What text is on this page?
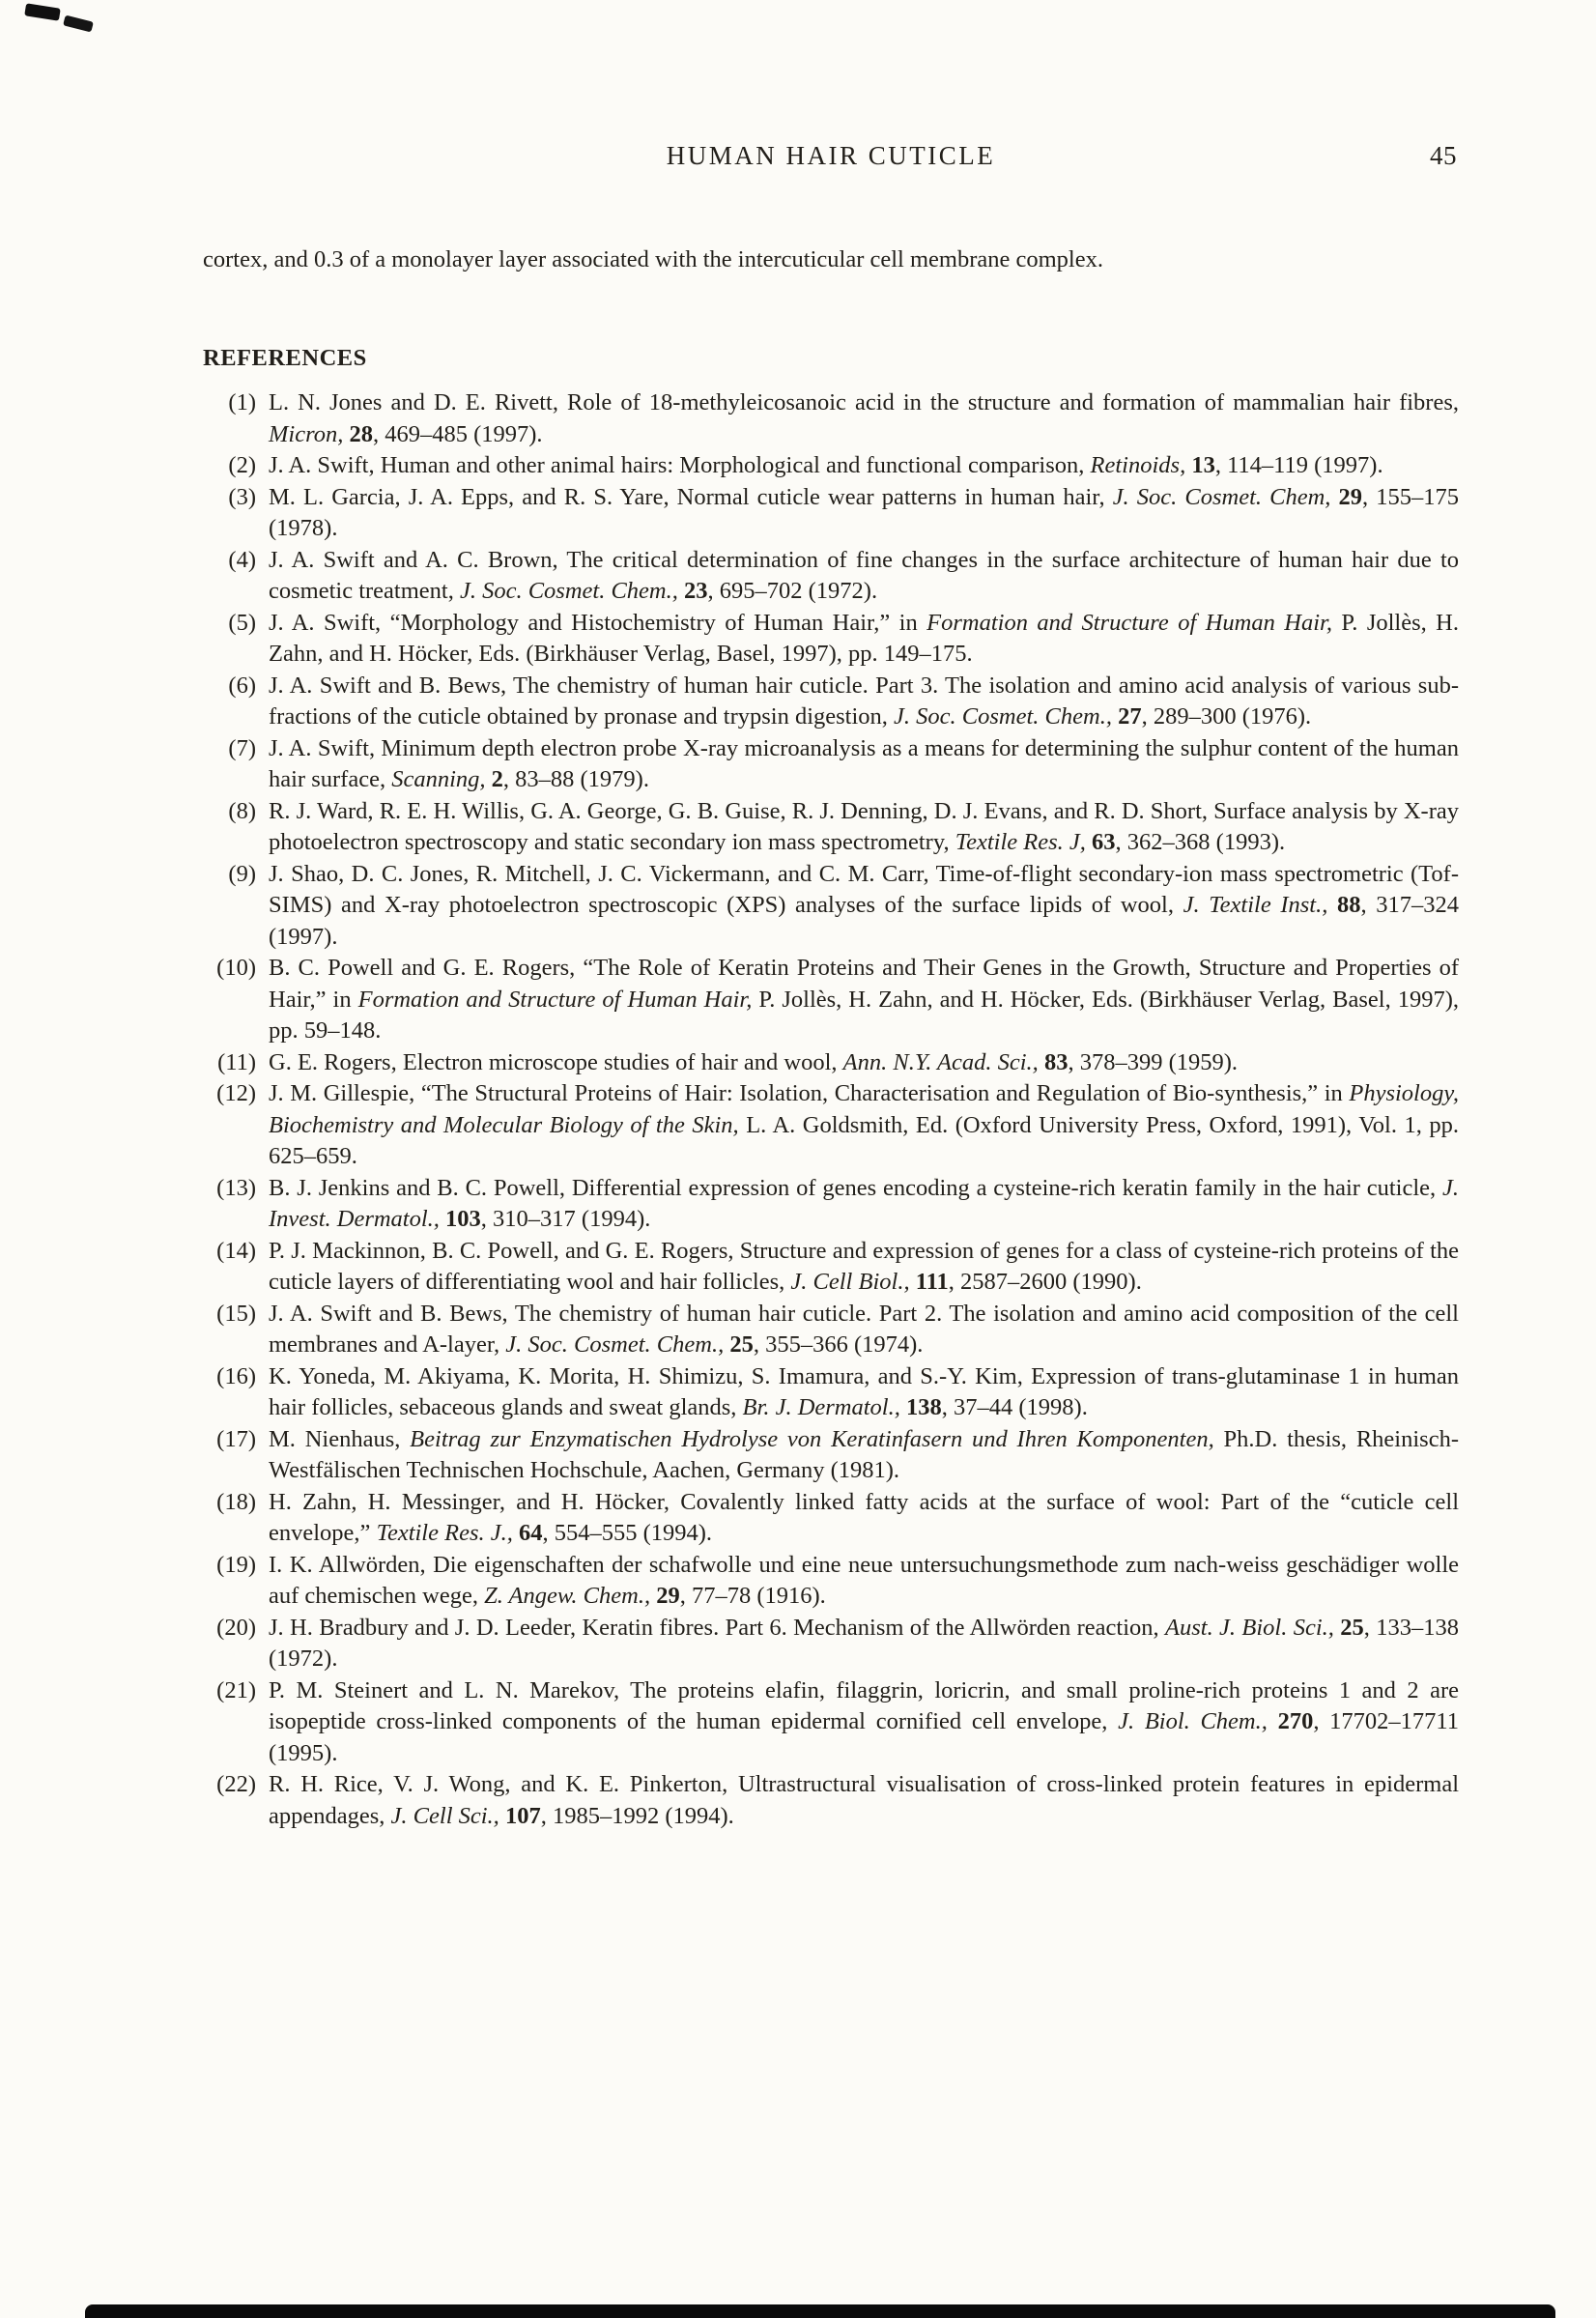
HUMAN HAIR CUTICLE	45

cortex, and 0.3 of a monolayer layer associated with the intercuticular cell membrane complex.

REFERENCES
(1) L. N. Jones and D. E. Rivett, Role of 18-methyleicosanoic acid in the structure and formation of mammalian hair fibres, Micron, 28, 469–485 (1997).
(2) J. A. Swift, Human and other animal hairs: Morphological and functional comparison, Retinoids, 13, 114–119 (1997).
(3) M. L. Garcia, J. A. Epps, and R. S. Yare, Normal cuticle wear patterns in human hair, J. Soc. Cosmet. Chem, 29, 155–175 (1978).
(4) J. A. Swift and A. C. Brown, The critical determination of fine changes in the surface architecture of human hair due to cosmetic treatment, J. Soc. Cosmet. Chem., 23, 695–702 (1972).
(5) J. A. Swift, “Morphology and Histochemistry of Human Hair,” in Formation and Structure of Human Hair, P. Jollès, H. Zahn, and H. Höcker, Eds. (Birkhäuser Verlag, Basel, 1997), pp. 149–175.
(6) J. A. Swift and B. Bews, The chemistry of human hair cuticle. Part 3. The isolation and amino acid analysis of various sub-fractions of the cuticle obtained by pronase and trypsin digestion, J. Soc. Cosmet. Chem., 27, 289–300 (1976).
(7) J. A. Swift, Minimum depth electron probe X-ray microanalysis as a means for determining the sulphur content of the human hair surface, Scanning, 2, 83–88 (1979).
(8) R. J. Ward, R. E. H. Willis, G. A. George, G. B. Guise, R. J. Denning, D. J. Evans, and R. D. Short, Surface analysis by X-ray photoelectron spectroscopy and static secondary ion mass spectrometry, Textile Res. J, 63, 362–368 (1993).
(9) J. Shao, D. C. Jones, R. Mitchell, J. C. Vickermann, and C. M. Carr, Time-of-flight secondary-ion mass spectrometric (Tof-SIMS) and X-ray photoelectron spectroscopic (XPS) analyses of the surface lipids of wool, J. Textile Inst., 88, 317–324 (1997).
(10) B. C. Powell and G. E. Rogers, “The Role of Keratin Proteins and Their Genes in the Growth, Structure and Properties of Hair,” in Formation and Structure of Human Hair, P. Jollès, H. Zahn, and H. Höcker, Eds. (Birkhäuser Verlag, Basel, 1997), pp. 59–148.
(11) G. E. Rogers, Electron microscope studies of hair and wool, Ann. N.Y. Acad. Sci., 83, 378–399 (1959).
(12) J. M. Gillespie, “The Structural Proteins of Hair: Isolation, Characterisation and Regulation of Bio-synthesis,” in Physiology, Biochemistry and Molecular Biology of the Skin, L. A. Goldsmith, Ed. (Oxford University Press, Oxford, 1991), Vol. 1, pp. 625–659.
(13) B. J. Jenkins and B. C. Powell, Differential expression of genes encoding a cysteine-rich keratin family in the hair cuticle, J. Invest. Dermatol., 103, 310–317 (1994).
(14) P. J. Mackinnon, B. C. Powell, and G. E. Rogers, Structure and expression of genes for a class of cysteine-rich proteins of the cuticle layers of differentiating wool and hair follicles, J. Cell Biol., 111, 2587–2600 (1990).
(15) J. A. Swift and B. Bews, The chemistry of human hair cuticle. Part 2. The isolation and amino acid composition of the cell membranes and A-layer, J. Soc. Cosmet. Chem., 25, 355–366 (1974).
(16) K. Yoneda, M. Akiyama, K. Morita, H. Shimizu, S. Imamura, and S.-Y. Kim, Expression of trans-glutaminase 1 in human hair follicles, sebaceous glands and sweat glands, Br. J. Dermatol., 138, 37–44 (1998).
(17) M. Nienhaus, Beitrag zur Enzymatischen Hydrolyse von Keratinfasern und Ihren Komponenten, Ph.D. thesis, Rheinisch-Westfälischen Technischen Hochschule, Aachen, Germany (1981).
(18) H. Zahn, H. Messinger, and H. Höcker, Covalently linked fatty acids at the surface of wool: Part of the “cuticle cell envelope,” Textile Res. J., 64, 554–555 (1994).
(19) I. K. Allwörden, Die eigenschaften der schafwolle und eine neue untersuchungsmethode zum nach-weiss geschädiger wolle auf chemischen wege, Z. Angew. Chem., 29, 77–78 (1916).
(20) J. H. Bradbury and J. D. Leeder, Keratin fibres. Part 6. Mechanism of the Allwörden reaction, Aust. J. Biol. Sci., 25, 133–138 (1972).
(21) P. M. Steinert and L. N. Marekov, The proteins elafin, filaggrin, loricrin, and small proline-rich proteins 1 and 2 are isopeptide cross-linked components of the human epidermal cornified cell envelope, J. Biol. Chem., 270, 17702–17711 (1995).
(22) R. H. Rice, V. J. Wong, and K. E. Pinkerton, Ultrastructural visualisation of cross-linked protein features in epidermal appendages, J. Cell Sci., 107, 1985–1992 (1994).
